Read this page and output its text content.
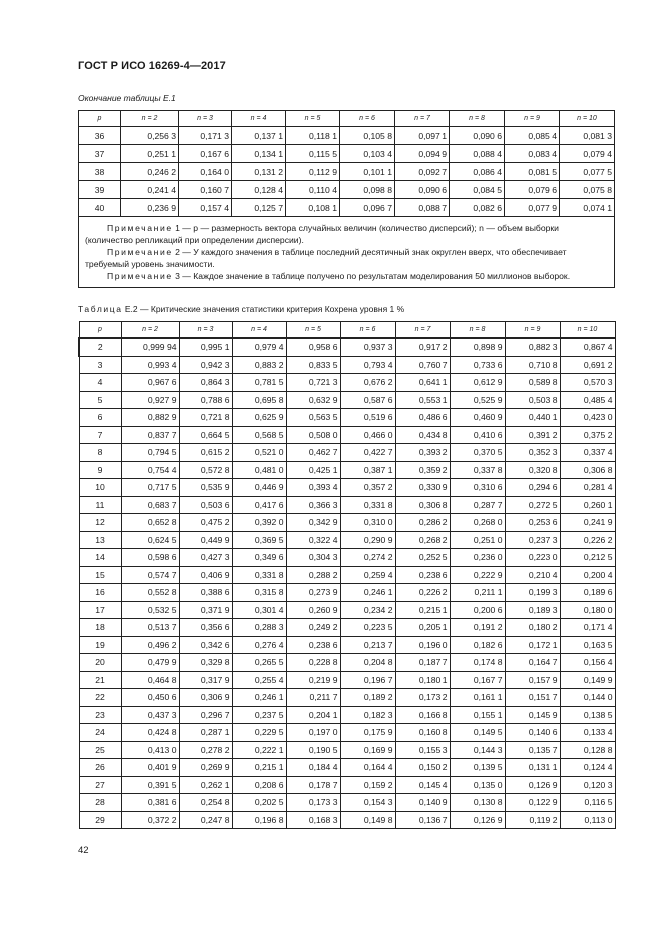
ГОСТ Р ИСО 16269-4—2017
Окончание таблицы Е.1
p	n = 2	n = 3	n = 4	n = 5	n = 6	n = 7	n = 8	n = 9	n = 10
36	0,256 3	0,171 3	0,137 1	0,118 1	0,105 8	0,097 1	0,090 6	0,085 4	0,081 3
37	0,251 1	0,167 6	0,134 1	0,115 5	0,103 4	0,094 9	0,088 4	0,083 4	0,079 4
38	0,246 2	0,164 0	0,131 2	0,112 9	0,101 1	0,092 7	0,086 4	0,081 5	0,077 5
39	0,241 4	0,160 7	0,128 4	0,110 4	0,098 8	0,090 6	0,084 5	0,079 6	0,075 8
40	0,236 9	0,157 4	0,125 7	0,108 1	0,096 7	0,088 7	0,082 6	0,077 9	0,074 1

Примечание 1 — p — размерность вектора случайных величин (количество дисперсий); n — объем выборки (количество репликаций при определении дисперсии).

Примечание 2 — У каждого значения в таблице последний десятичный знак округлен вверх, что обеспечивает требуемый уровень значимости.

Примечание 3 — Каждое значение в таблице получено по результатам моделирования 50 миллионов выборок.									

Таблица Е.2 — Критические значения статистики критерия Кохрена уровня 1 %
p	n = 2	n = 3	n = 4	n = 5	n = 6	n = 7	n = 8	n = 9	n = 10
2	0,999 94	0,995 1	0,979 4	0,958 6	0,937 3	0,917 2	0,898 9	0,882 3	0,867 4
3	0,993 4	0,942 3	0,883 2	0,833 5	0,793 4	0,760 7	0,733 6	0,710 8	0,691 2
4	0,967 6	0,864 3	0,781 5	0,721 3	0,676 2	0,641 1	0,612 9	0,589 8	0,570 3
5	0,927 9	0,788 6	0,695 8	0,632 9	0,587 6	0,553 1	0,525 9	0,503 8	0,485 4
6	0,882 9	0,721 8	0,625 9	0,563 5	0,519 6	0,486 6	0,460 9	0,440 1	0,423 0
7	0,837 7	0,664 5	0,568 5	0,508 0	0,466 0	0,434 8	0,410 6	0,391 2	0,375 2
8	0,794 5	0,615 2	0,521 0	0,462 7	0,422 7	0,393 2	0,370 5	0,352 3	0,337 4
9	0,754 4	0,572 8	0,481 0	0,425 1	0,387 1	0,359 2	0,337 8	0,320 8	0,306 8
10	0,717 5	0,535 9	0,446 9	0,393 4	0,357 2	0,330 9	0,310 6	0,294 6	0,281 4
11	0,683 7	0,503 6	0,417 6	0,366 3	0,331 8	0,306 8	0,287 7	0,272 5	0,260 1
12	0,652 8	0,475 2	0,392 0	0,342 9	0,310 0	0,286 2	0,268 0	0,253 6	0,241 9
13	0,624 5	0,449 9	0,369 5	0,322 4	0,290 9	0,268 2	0,251 0	0,237 3	0,226 2
14	0,598 6	0,427 3	0,349 6	0,304 3	0,274 2	0,252 5	0,236 0	0,223 0	0,212 5
15	0,574 7	0,406 9	0,331 8	0,288 2	0,259 4	0,238 6	0,222 9	0,210 4	0,200 4
16	0,552 8	0,388 6	0,315 8	0,273 9	0,246 1	0,226 2	0,211 1	0,199 3	0,189 6
17	0,532 5	0,371 9	0,301 4	0,260 9	0,234 2	0,215 1	0,200 6	0,189 3	0,180 0
18	0,513 7	0,356 6	0,288 3	0,249 2	0,223 5	0,205 1	0,191 2	0,180 2	0,171 4
19	0,496 2	0,342 6	0,276 4	0,238 6	0,213 7	0,196 0	0,182 6	0,172 1	0,163 5
20	0,479 9	0,329 8	0,265 5	0,228 8	0,204 8	0,187 7	0,174 8	0,164 7	0,156 4
21	0,464 8	0,317 9	0,255 4	0,219 9	0,196 7	0,180 1	0,167 7	0,157 9	0,149 9
22	0,450 6	0,306 9	0,246 1	0,211 7	0,189 2	0,173 2	0,161 1	0,151 7	0,144 0
23	0,437 3	0,296 7	0,237 5	0,204 1	0,182 3	0,166 8	0,155 1	0,145 9	0,138 5
24	0,424 8	0,287 1	0,229 5	0,197 0	0,175 9	0,160 8	0,149 5	0,140 6	0,133 4
25	0,413 0	0,278 2	0,222 1	0,190 5	0,169 9	0,155 3	0,144 3	0,135 7	0,128 8
26	0,401 9	0,269 9	0,215 1	0,184 4	0,164 4	0,150 2	0,139 5	0,131 1	0,124 4
27	0,391 5	0,262 1	0,208 6	0,178 7	0,159 2	0,145 4	0,135 0	0,126 9	0,120 3
28	0,381 6	0,254 8	0,202 5	0,173 3	0,154 3	0,140 9	0,130 8	0,122 9	0,116 5
29	0,372 2	0,247 8	0,196 8	0,168 3	0,149 8	0,136 7	0,126 9	0,119 2	0,113 0
42
